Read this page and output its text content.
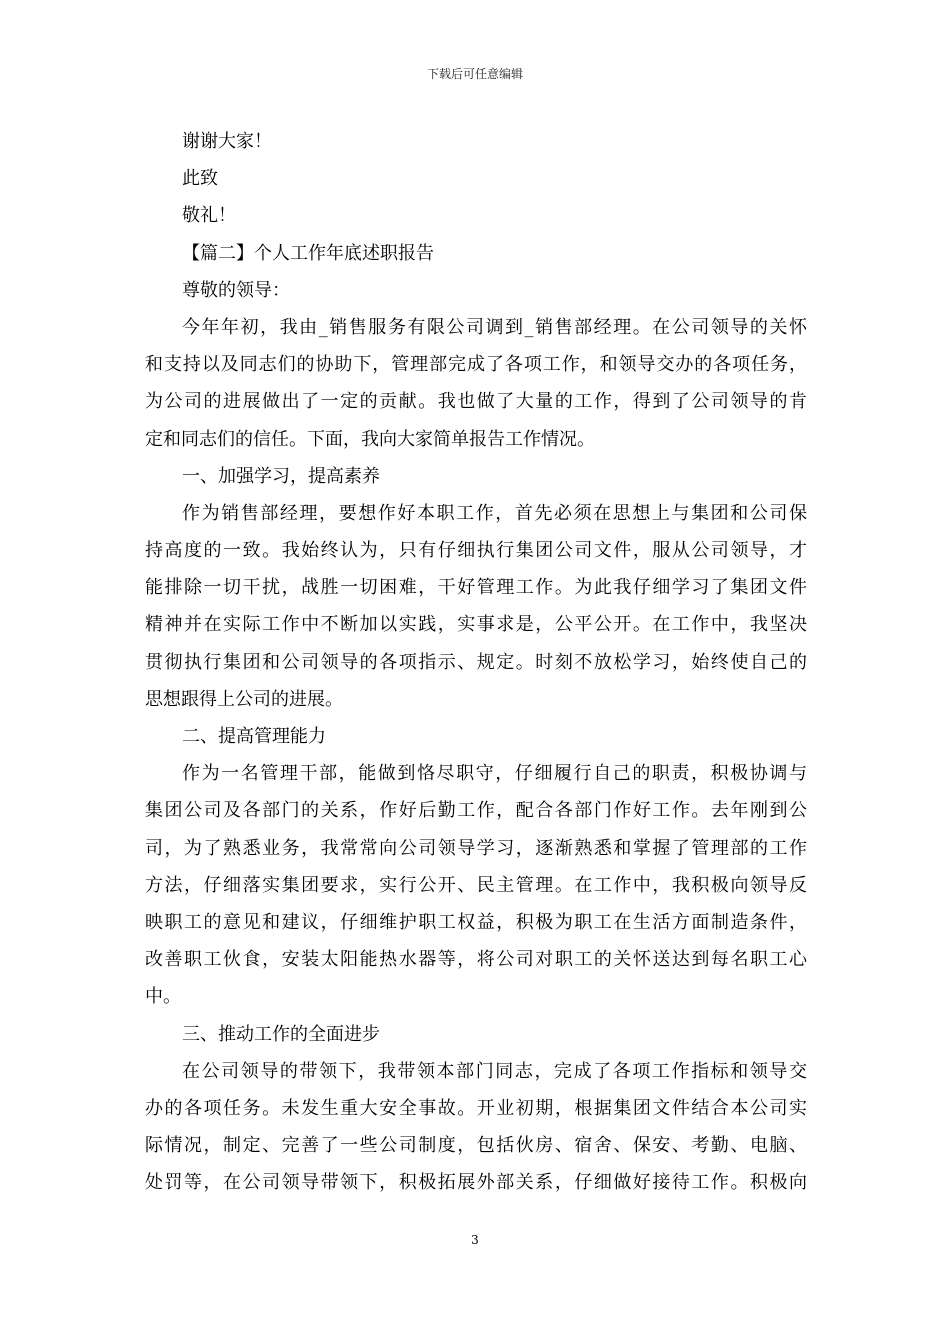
下载后可任意编辑
谢谢大家！
此致
敬礼！
【篇二】个人工作年底述职报告
尊敬的领导：
今年年初，我由_销售服务有限公司调到_销售部经理。在公司领导的关怀
和支持以及同志们的协助下，管理部完成了各项工作，和领导交办的各项任务，
为公司的进展做出了一定的贡献。我也做了大量的工作，得到了公司领导的肯
定和同志们的信任。下面，我向大家简单报告工作情况。
一、加强学习，提高素养
作为销售部经理，要想作好本职工作，首先必须在思想上与集团和公司保
持高度的一致。我始终认为，只有仔细执行集团公司文件，服从公司领导，才
能排除一切干扰，战胜一切困难，干好管理工作。为此我仔细学习了集团文件
精神并在实际工作中不断加以实践，实事求是，公平公开。在工作中，我坚决
贯彻执行集团和公司领导的各项指示、规定。时刻不放松学习，始终使自己的
思想跟得上公司的进展。
二、提高管理能力
作为一名管理干部，能做到恪尽职守，仔细履行自己的职责，积极协调与
集团公司及各部门的关系，作好后勤工作，配合各部门作好工作。去年刚到公
司，为了熟悉业务，我常常向公司领导学习，逐渐熟悉和掌握了管理部的工作
方法，仔细落实集团要求，实行公开、民主管理。在工作中，我积极向领导反
映职工的意见和建议，仔细维护职工权益，积极为职工在生活方面制造条件，
改善职工伙食，安装太阳能热水器等，将公司对职工的关怀送达到每名职工心
中。
三、推动工作的全面进步
在公司领导的带领下，我带领本部门同志，完成了各项工作指标和领导交
办的各项任务。未发生重大安全事故。开业初期，根据集团文件结合本公司实
际情况，制定、完善了一些公司制度，包括伙房、宿舍、保安、考勤、电脑、
处罚等，在公司领导带领下，积极拓展外部关系，仔细做好接待工作。积极向
3
